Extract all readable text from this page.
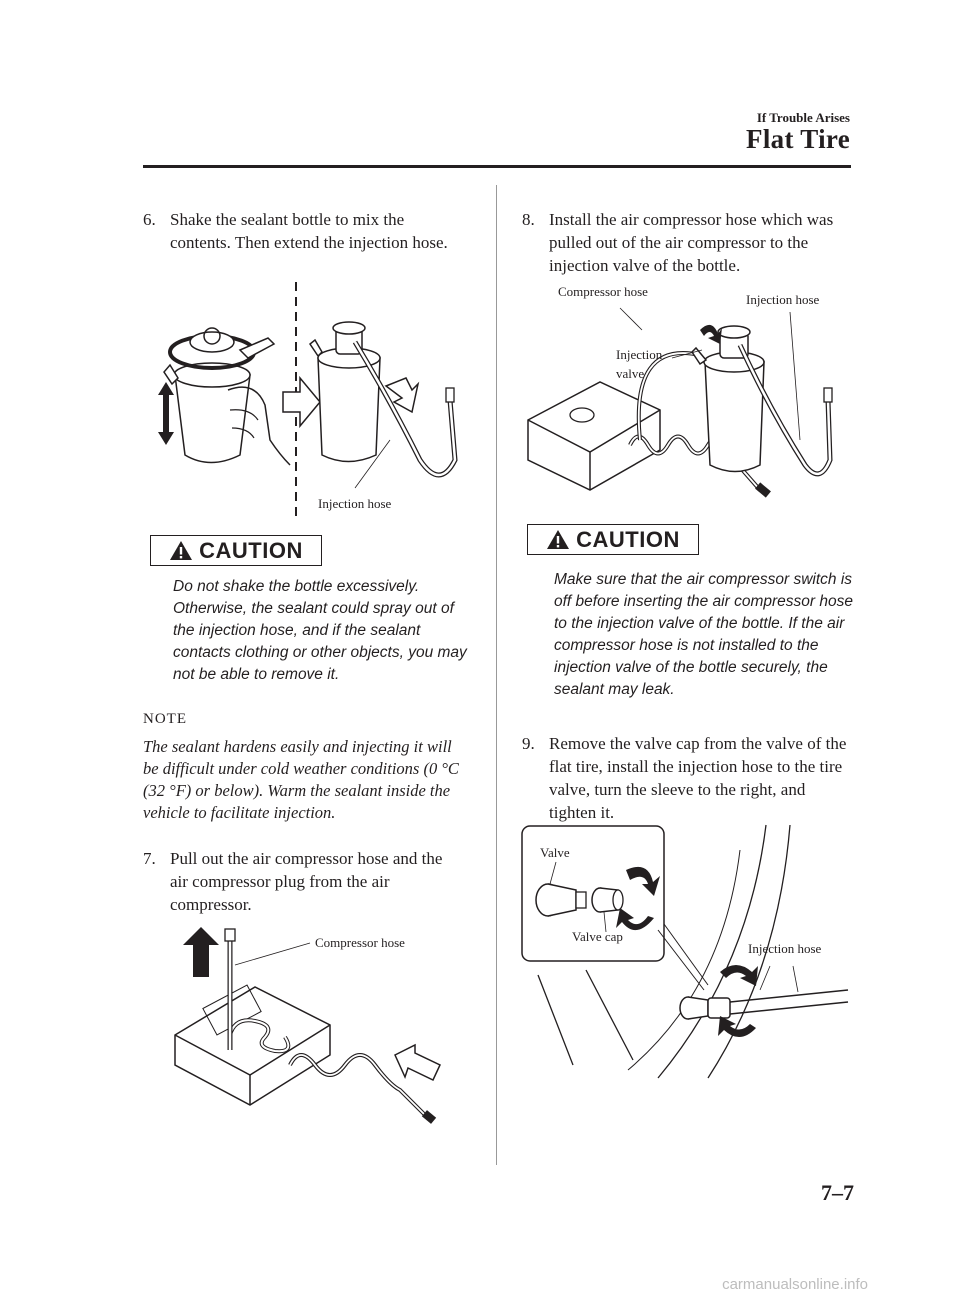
If Trouble Arises
Flat Tire
6. Shake the sealant bottle to mix the contents. Then extend the injection hose.
Injection hose
CAUTION
Do not shake the bottle excessively. Otherwise, the sealant could spray out of the injection hose, and if the sealant contacts clothing or other objects, you may not be able to remove it.
NOTE
The sealant hardens easily and injecting it will be difficult under cold weather conditions (0 °C (32 °F) or below). Warm the sealant inside the vehicle to facilitate injection.
7. Pull out the air compressor hose and the air compressor plug from the air compressor.
Compressor hose
8. Install the air compressor hose which was pulled out of the air compressor to the injection valve of the bottle.
Compressor hose
Injection hose
Injection
valve
CAUTION
Make sure that the air compressor switch is off before inserting the air compressor hose to the injection valve of the bottle. If the air compressor hose is not installed to the injection valve of the bottle securely, the sealant may leak.
9. Remove the valve cap from the valve of the flat tire, install the injection hose to the tire valve, turn the sleeve to the right, and tighten it.
Valve
Valve cap
Injection hose
7–7
carmanualsonline.info
